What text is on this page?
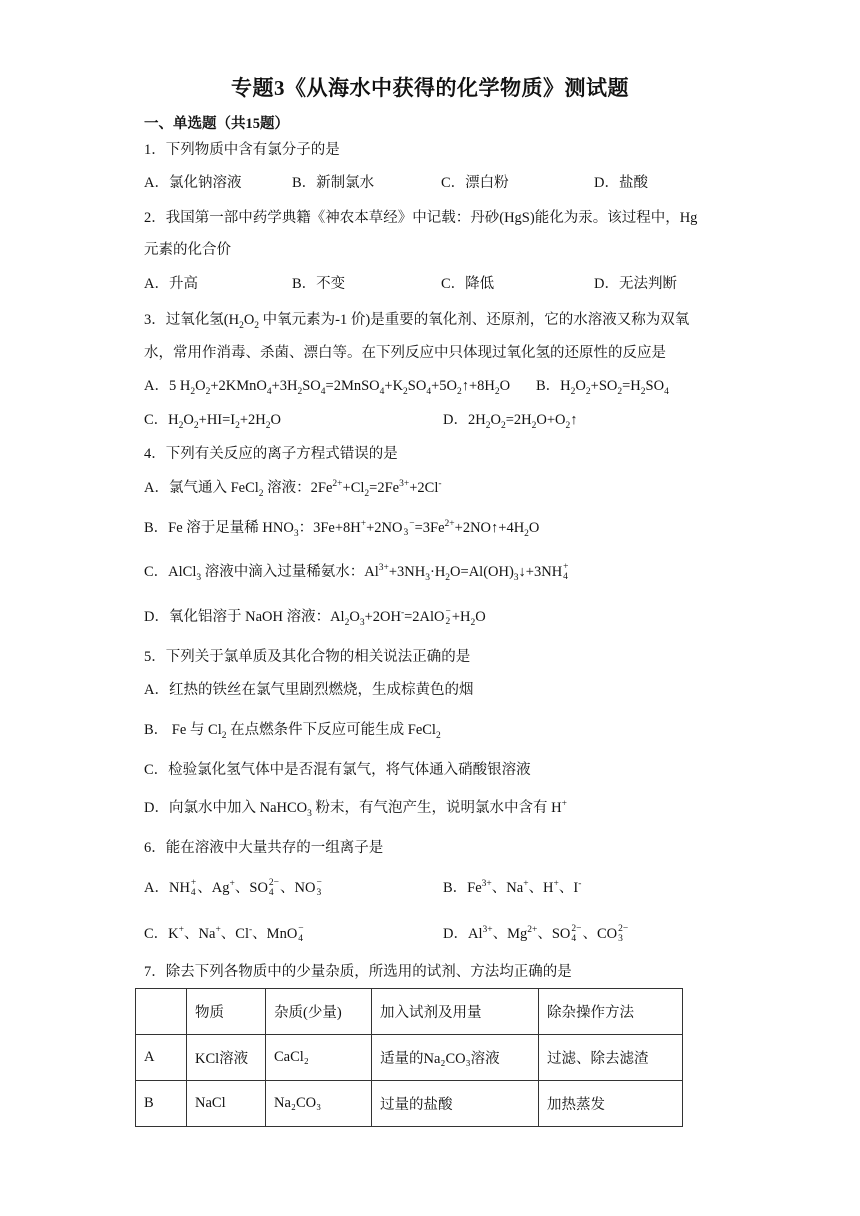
专题3《从海水中获得的化学物质》测试题
一、单选题（共15题）
1．下列物质中含有氯分子的是
A．氯化钠溶液	B．新制氯水	C．漂白粉	D．盐酸
2．我国第一部中药学典籍《神农本草经》中记载：丹砂(HgS)能化为汞。该过程中，Hg
元素的化合价
A．升高	B．不变	C．降低	D．无法判断
3．过氧化氢($H_2O_2$ 中氧元素为-1 价)是重要的氧化剂、还原剂，它的水溶液又称为双氧
水，常用作消毒、杀菌、漂白等。在下列反应中只体现过氧化氢的还原性的反应是
A．5 $H_2O_2+2KMnO_4+3H_2SO_4=2MnSO_4+K_2SO_4+5O_2↑+8H_2O$ B．$H_2O_2+SO_2=H_2SO_4$
C．$H_2O_2+HI=I_2+2H_2O$	D．$2H_2O_2=2H_2O+O_2↑$
4．下列有关反应的离子方程式错误的是
A．氯气通入 FeCl$_2$ 溶液：$2Fe^{2+}+Cl_2=2Fe^{3+}+2Cl^-$
B．Fe 溶于足量稀 $HNO_3$：3Fe+8H++2NO
3
$^-=3Fe^{2+}+2NO↑+4H_2O$
C．AlCl$_3$ 溶液中滴入过量稀氨水：$Al^{3+}+3NH_3\cdot H_2O=Al(OH)_3↓+3NH$ +
4
D．氧化铝溶于 NaOH 溶液：$Al_2O_3+2OH^-=2AlO$ −
$2 +H_2O$
5．下列关于氯单质及其化合物的相关说法正确的是
A．红热的铁丝在氯气里剧烈燃烧，生成棕黄色的烟
B． Fe 与 $Cl_2$ 在点燃条件下反应可能生成 FeCl$_2$
C．检验氯化氢气体中是否混有氯气，将气体通入硝酸银溶液
D．向氯水中加入 NaHCO$_3$ 粉末，有气泡产生，说明氯水中含有 H+
6．能在溶液中大量共存的一组离子是
A．NH +
4 、Ag+、SO 2−
4 、NO −
3	B．$Fe^{3+}$、Na+、H+、I-
C．K+、Na+、Cl-、MnO −
4	D．$Al^{3+}$、$Mg^{2+}$、SO 2−
4 、CO 2−
3
7．除去下列各物质中的少量杂质，所选用的试剂、方法均正确的是
	物质	杂质(少量)	加入试剂及用量	除杂操作方法
A	KCl溶液	CaCl₂	适量的Na₂CO₃溶液	过滤、除去滤渣
B	NaCl	Na₂CO₃	过量的盐酸	加热蒸发
